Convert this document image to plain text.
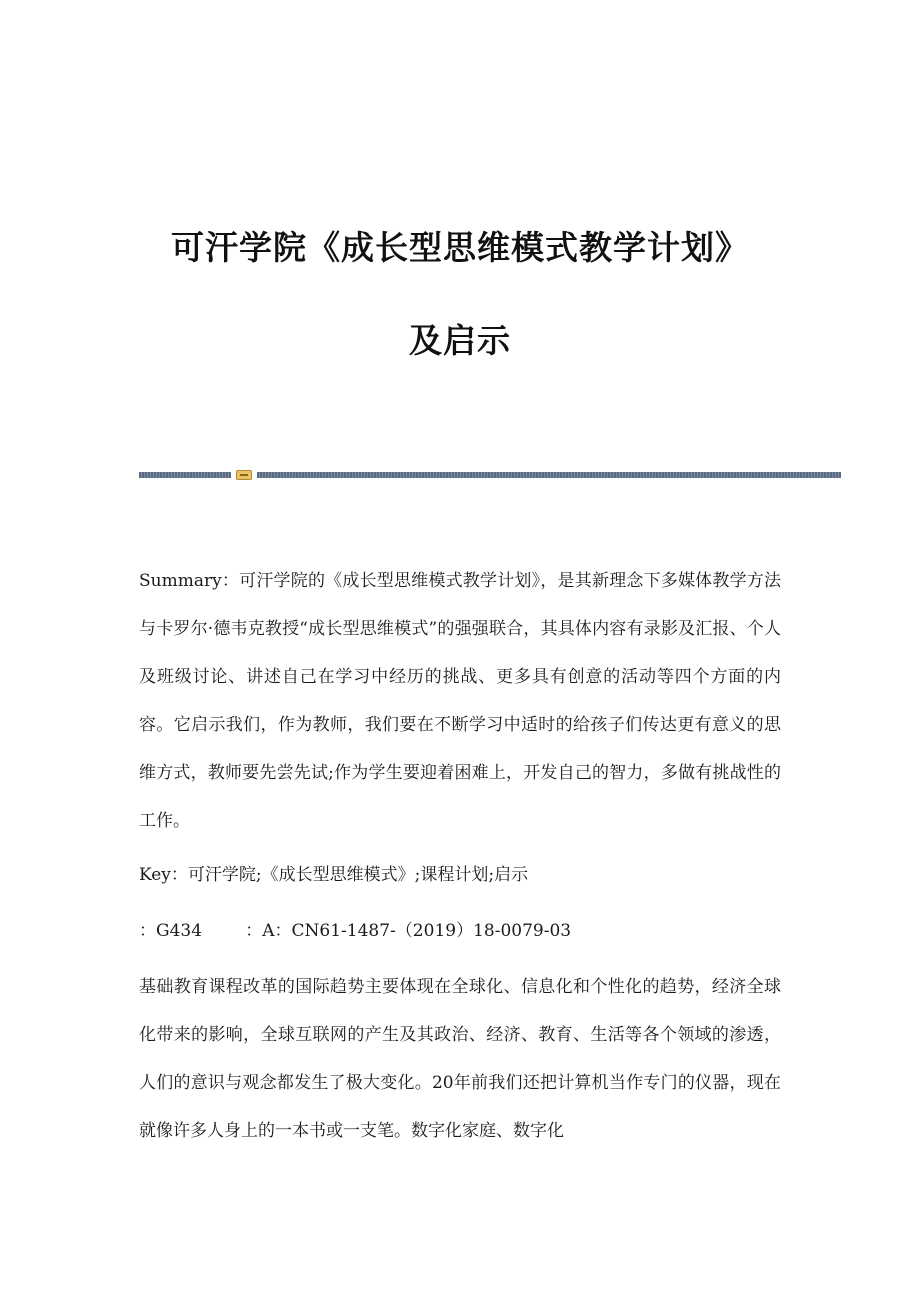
可汗学院《成长型思维模式教学计划》
及启示

Summary：可汗学院的《成长型思维模式教学计划》，是其新理念下多媒体教学方法与卡罗尔·德韦克教授“成长型思维模式”的强强联合，其具体内容有录影及汇报、个人及班级讨论、讲述自己在学习中经历的挑战、更多具有创意的活动等四个方面的内容。它启示我们，作为教师，我们要在不断学习中适时的给孩子们传达更有意义的思维方式，教师要先尝先试;作为学生要迎着困难上，开发自己的智力，多做有挑战性的工作。

Key：可汗学院;《成长型思维模式》;课程计划;启示

：G434	：A：CN61-1487-（2019）18-0079-03

基础教育课程改革的国际趋势主要体现在全球化、信息化和个性化的趋势，经济全球化带来的影响，全球互联网的产生及其政治、经济、教育、生活等各个领域的渗透，人们的意识与观念都发生了极大变化。20年前我们还把计算机当作专门的仪器，现在就像许多人身上的一本书或一支笔。数字化家庭、数字化
